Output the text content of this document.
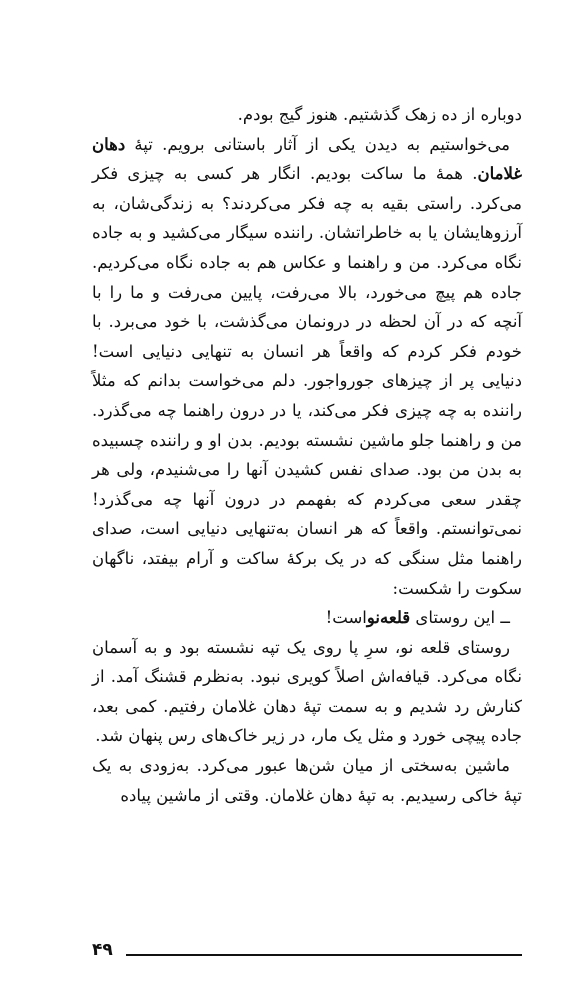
دوباره از ده زهک گذشتیم. هنوز گیج بودم.

می‌خواستیم به دیدن یکی از آثار باستانی برویم. تپهٔ دهان غلامان. همهٔ ما ساکت بودیم. انگار هر کسی به چیزی فکر می‌کرد. راستی بقیه به چه فکر می‌کردند؟ به زندگی‌شان، به آرزوهایشان یا به خاطراتشان. راننده سیگار می‌کشید و به جاده نگاه می‌کرد. من و راهنما و عکاس هم به جاده نگاه می‌کردیم. جاده هم پیچ می‌خورد، بالا می‌رفت، پایین می‌رفت و ما را با آنچه که در آن لحظه در درونمان می‌گذشت، با خود می‌برد. با خودم فکر کردم که واقعاً هر انسان به تنهایی دنیایی است! دنیایی پر از چیزهای جورواجور. دلم می‌خواست بدانم که مثلاً راننده به چه چیزی فکر می‌کند، یا در درون راهنما چه می‌گذرد. من و راهنما جلو ماشین نشسته بودیم. بدن او و راننده چسبیده به بدن من بود. صدای نفس کشیدن آنها را می‌شنیدم، ولی هر چقدر سعی می‌کردم که بفهمم در درون آنها چه می‌گذرد! نمی‌توانستم. واقعاً که هر انسان به‌تنهایی دنیایی است، صدای راهنما مثل سنگی که در یک برکهٔ ساکت و آرام بیفتد، ناگهان سکوت را شکست:

ــ این روستای قلعه‌نواست!

روستای قلعه نو، سرِ پا روی یک تپه نشسته بود و به آسمان نگاه می‌کرد. قیافه‌اش اصلاً کویری نبود. به‌نظرم قشنگ آمد. از کنارش رد شدیم و به سمت تپهٔ دهان غلامان رفتیم. کمی بعد، جاده پیچی خورد و مثل یک مار، در زیر خاک‌های رس پنهان شد.

ماشین به‌سختی از میان شن‌ها عبور می‌کرد. به‌زودی به یک تپهٔ خاکی رسیدیم. به تپهٔ دهان غلامان. وقتی از ماشین پیاده

۴۹
